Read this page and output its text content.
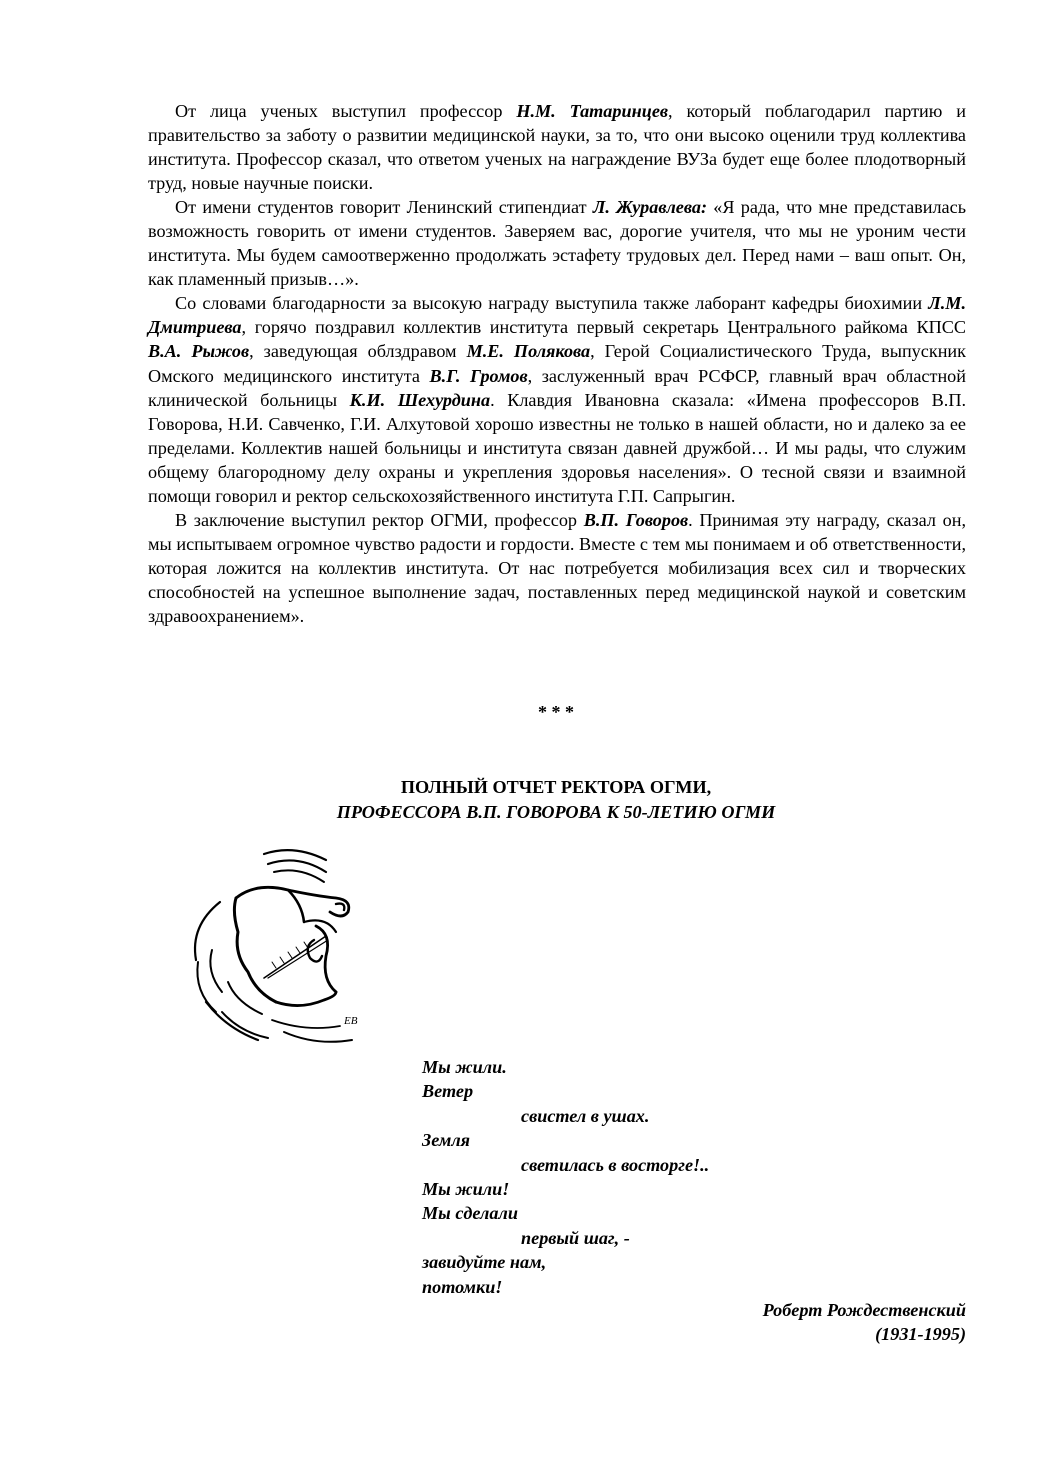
От лица ученых выступил профессор Н.М. Татаринцев, который поблагодарил партию и правительство за заботу о развитии медицинской науки, за то, что они высоко оценили труд коллектива института. Профессор сказал, что ответом ученых на награждение ВУЗа будет еще более плодотворный труд, новые научные поиски.

От имени студентов говорит Ленинский стипендиат Л. Журавлева: «Я рада, что мне представилась возможность говорить от имени студентов. Заверяем вас, дорогие учителя, что мы не уроним чести института. Мы будем самоотверженно продолжать эстафету трудовых дел. Перед нами – ваш опыт. Он, как пламенный призыв…».

Со словами благодарности за высокую награду выступила также лаборант кафедры биохимии Л.М. Дмитриева, горячо поздравил коллектив института первый секретарь Центрального райкома КПСС В.А. Рыжов, заведующая облздравом М.Е. Полякова, Герой Социалистического Труда, выпускник Омского медицинского института В.Г. Громов, заслуженный врач РСФСР, главный врач областной клинической больницы К.И. Шехурдина. Клавдия Ивановна сказала: «Имена профессоров В.П. Говорова, Н.И. Савченко, Г.И. Алхутовой хорошо известны не только в нашей области, но и далеко за ее пределами. Коллектив нашей больницы и института связан давней дружбой… И мы рады, что служим общему благородному делу охраны и укрепления здоровья населения». О тесной связи и взаимной помощи говорил и ректор сельскохозяйственного института Г.П. Сапрыгин.

В заключение выступил ректор ОГМИ, профессор В.П. Говоров. Принимая эту награду, сказал он, мы испытываем огромное чувство радости и гордости. Вместе с тем мы понимаем и об ответственности, которая ложится на коллектив института. От нас потребуется мобилизация всех сил и творческих способностей на успешное выполнение задач, поставленных перед медицинской наукой и советским здравоохранением».

* * *
ПОЛНЫЙ ОТЧЕТ РЕКТОРА ОГМИ,
ПРОФЕССОРА В.П. ГОВОРОВА К 50-ЛЕТИЮ ОГМИ
ЕВ
Мы жили.
Ветер
свистел в ушах.
Земля
светилась в восторге!..
Мы жили!
Мы сделали
первый шаг, -
завидуйте нам,
потомки!
Роберт Рождественский
(1931-1995)
